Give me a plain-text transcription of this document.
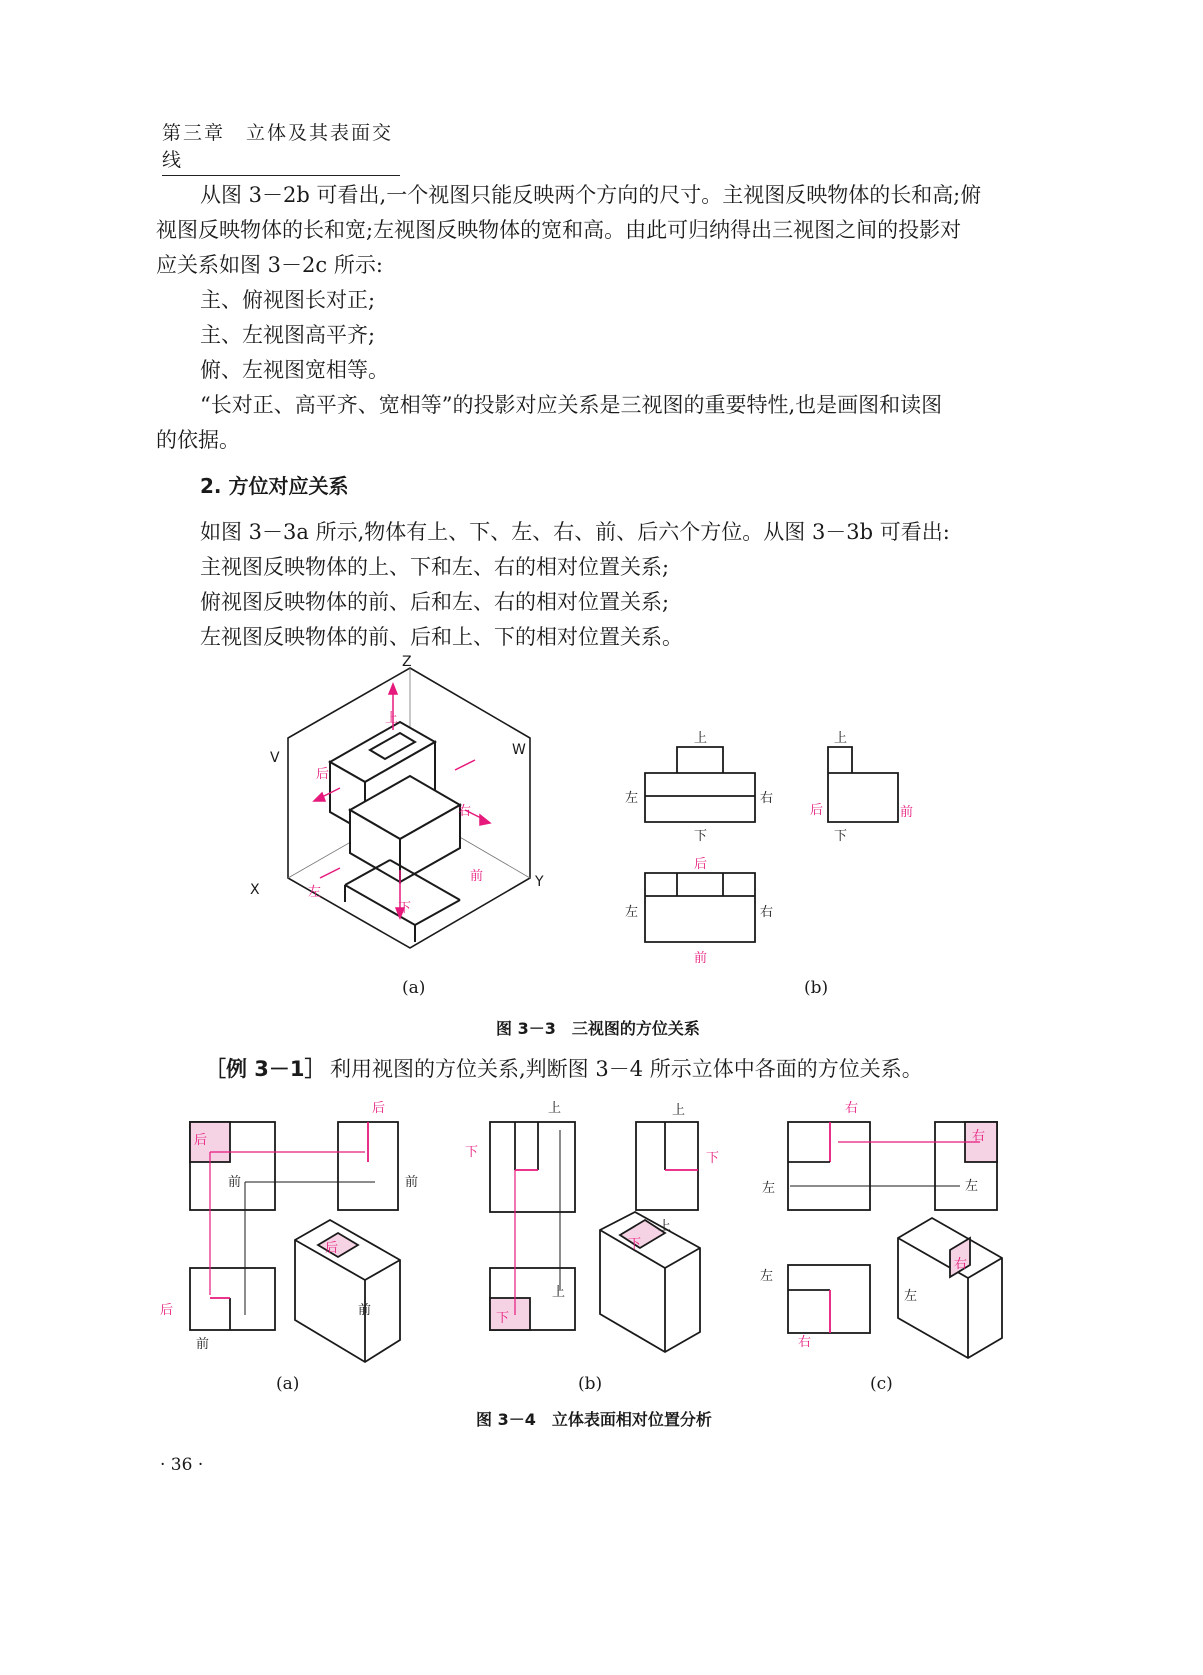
第三章　立体及其表面交线
从图 3－2b 可看出,一个视图只能反映两个方向的尺寸。主视图反映物体的长和高;俯
视图反映物体的长和宽;左视图反映物体的宽和高。由此可归纳得出三视图之间的投影对
应关系如图 3－2c 所示:
主、俯视图长对正;
主、左视图高平齐;
俯、左视图宽相等。
“长对正、高平齐、宽相等”的投影对应关系是三视图的重要特性,也是画图和读图
的依据。
2. 方位对应关系
如图 3－3a 所示,物体有上、下、左、右、前、后六个方位。从图 3－3b 可看出:
主视图反映物体的上、下和左、右的相对位置关系;
俯视图反映物体的前、后和左、右的相对位置关系;
左视图反映物体的前、后和上、下的相对位置关系。
Z
X	Y
V	W
上
下
后
右
前
左
上
左	右
下
上
下
左	右
后	前
后
前
(a)	(b)
图 3－3　三视图的方位关系
［例 3－1］ 利用视图的方位关系,判断图 3－4 所示立体中各面的方位关系。
后
后
后
后
前	前
前
前
下	下
下
下
上	上
上
上
右
右
右
右
左	左
左
左
(a)	(b)	(c)
图 3－4　立体表面相对位置分析
· 36 ·
